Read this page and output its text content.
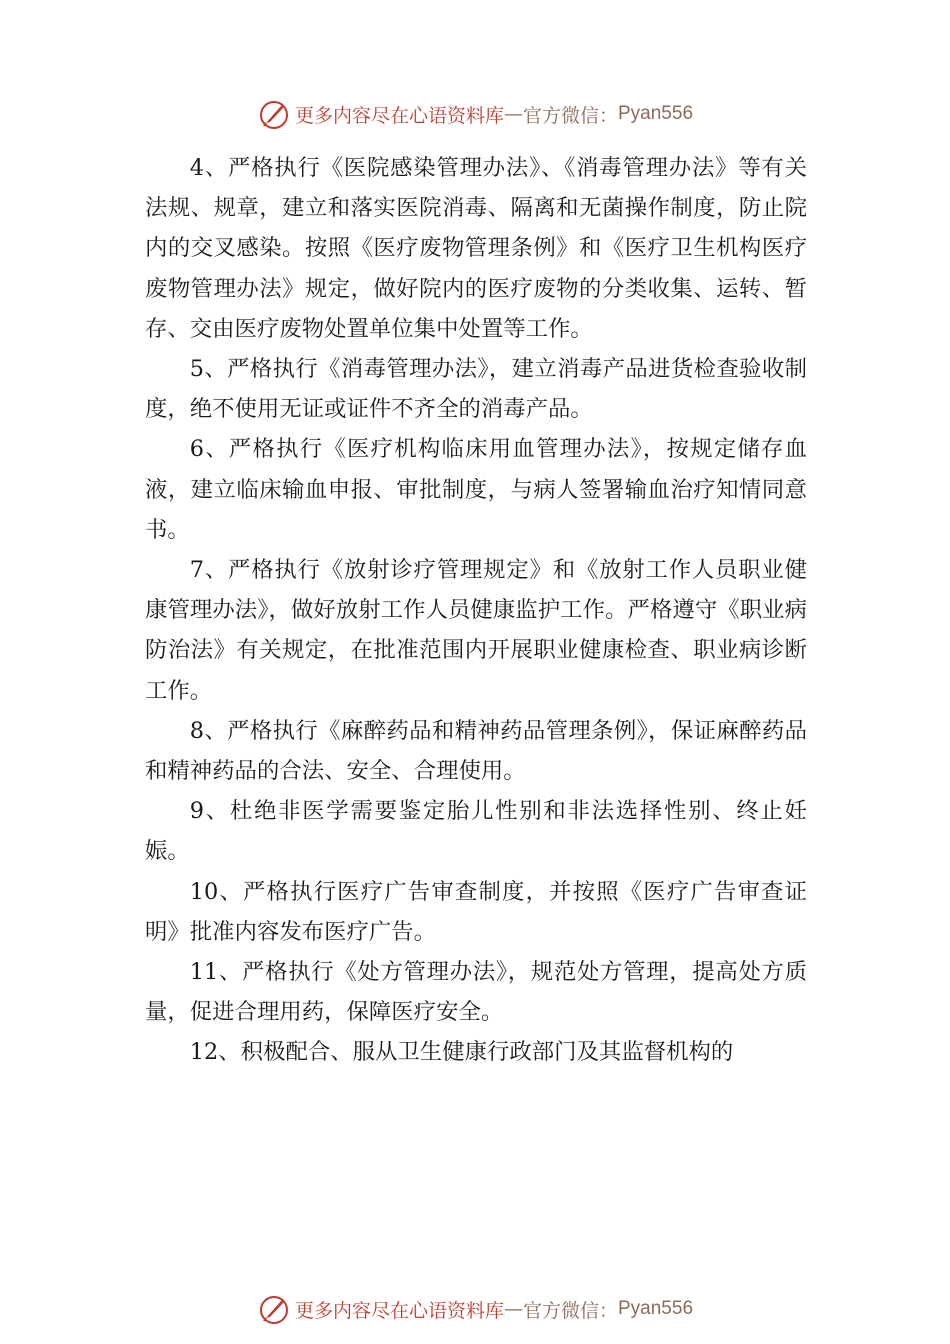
更多内容尽在心语资料库 — 官方微信： Pyan556

4、严格执行《医院感染管理办法》、《消毒管理办法》等有关法规、规章，建立和落实医院消毒、隔离和无菌操作制度，防止院内的交叉感染。按照《医疗废物管理条例》和《医疗卫生机构医疗废物管理办法》规定，做好院内的医疗废物的分类收集、运转、暂存、交由医疗废物处置单位集中处置等工作。

5、严格执行《消毒管理办法》，建立消毒产品进货检查验收制度，绝不使用无证或证件不齐全的消毒产品。

6、严格执行《医疗机构临床用血管理办法》，按规定储存血液，建立临床输血申报、审批制度，与病人签署输血治疗知情同意书。

7、严格执行《放射诊疗管理规定》和《放射工作人员职业健康管理办法》，做好放射工作人员健康监护工作。严格遵守《职业病防治法》有关规定，在批准范围内开展职业健康检查、职业病诊断工作。

8、严格执行《麻醉药品和精神药品管理条例》，保证麻醉药品和精神药品的合法、安全、合理使用。

9、杜绝非医学需要鉴定胎儿性别和非法选择性别、终止妊娠。

10、严格执行医疗广告审查制度，并按照《医疗广告审查证明》批准内容发布医疗广告。

11、严格执行《处方管理办法》，规范处方管理，提高处方质量，促进合理用药，保障医疗安全。

12、积极配合、服从卫生健康行政部门及其监督机构的

更多内容尽在心语资料库 — 官方微信： Pyan556
